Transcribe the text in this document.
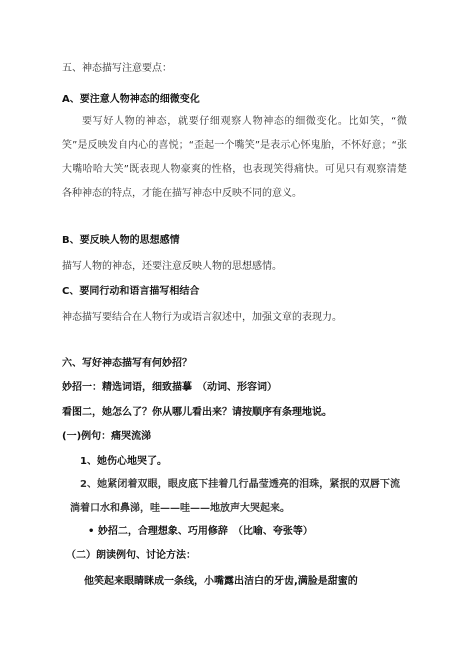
五、神态描写注意要点：
A、要注意人物神态的细微变化
要写好人物的神态，就要仔细观察人物神态的细微变化。比如笑，“微笑”是反映发自内心的喜悦；“歪起一个嘴笑”是表示心怀鬼胎，不怀好意；“张大嘴哈哈大笑”既表现人物豪爽的性格，也表现笑得痛快。可见只有观察清楚各种神态的特点，才能在描写神态中反映不同的意义。
B、要反映人物的思想感情
描写人物的神态，还要注意反映人物的思想感情。
C、要同行动和语言描写相结合
神态描写要结合在人物行为或语言叙述中，加强文章的表现力。
六、写好神态描写有何妙招？
妙招一：精选词语，细致描摹　（动词、形容词）
看图二，她怎么了？你从哪儿看出来？请按顺序有条理地说。
(一)例句：痛哭流涕
1、她伤心地哭了。
2、她紧闭着双眼，眼皮底下挂着几行晶莹透亮的泪珠，紧抿的双唇下流淌着口水和鼻涕，哇——哇——地放声大哭起来。
• 妙招二，合理想象、巧用修辞　（比喻、夸张等）
（二）朗读例句、讨论方法：
他笑起来眼睛眯成一条线，小嘴露出洁白的牙齿,满脸是甜蜜的
